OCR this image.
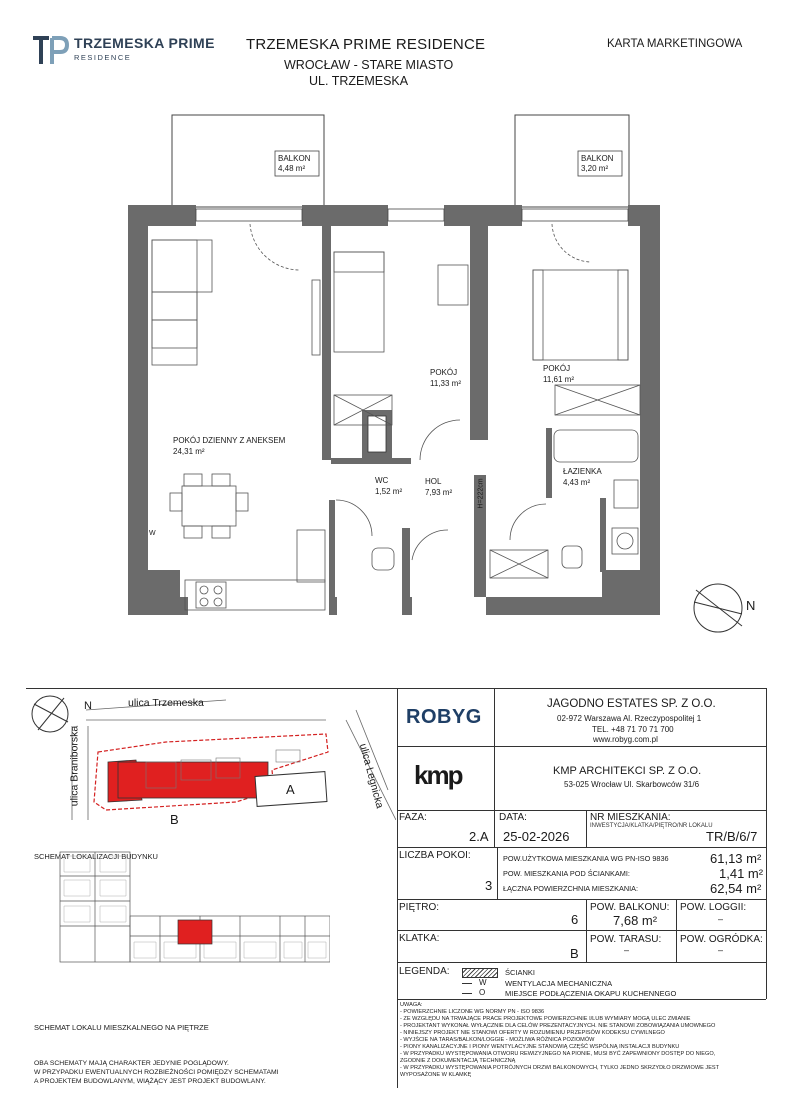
TRZEMESKA PRIME
RESIDENCE
TRZEMESKA PRIME RESIDENCE
WROCŁAW - STARE MIASTO
UL. TRZEMESKA
KARTA MARKETINGOWA
BALKON
4,48 m²
BALKON
3,20 m²
POKÓJ DZIENNY Z ANEKSEM
24,31 m²
POKÓJ
11,33 m²
POKÓJ
11,61 m²
WC
1,52 m²
HOL
7,93 m²
ŁAZIENKA
4,43 m²
H=222cm
W
N
ulica Trzemeska
ulica Braniborska	ulica Legnicka
A
B
N
SCHEMAT LOKALIZACJI BUDYNKU
SCHEMAT LOKALU MIESZKALNEGO NA PIĘTRZE
OBA SCHEMATY MAJĄ CHARAKTER JEDYNIE POGLĄDOWY.
W PRZYPADKU EWENTUALNYCH ROZBIEŻNOŚCI POMIĘDZY SCHEMATAMI
A PROJEKTEM BUDOWLANYM, WIĄŻĄCY JEST PROJEKT BUDOWLANY.
ROBYG
JAGODNO ESTATES SP. Z O.O.
02-972 Warszawa Al. Rzeczypospolitej 1
TEL. +48 71 70 71 700
www.robyg.com.pl
kmp	KMP ARCHITEKCI SP. Z O.O.
53-025 Wrocław Ul. Skarbowców 31/6
FAZA:
2.A
DATA:
25-02-2026
NR MIESZKANIA:
INWESTYCJA/KLATKA/PIĘTRO/NR LOKALU
TR/B/6/7
LICZBA POKOI:
3
POW.UŻYTKOWA MIESZKANIA WG PN-ISO 9836	61,13 m²
POW. MIESZKANIA POD ŚCIANKAMI:	1,41 m²
ŁĄCZNA POWIERZCHNIA MIESZKANIA:	62,54 m²
PIĘTRO:
6
POW. BALKONU:
7,68 m²
POW. LOGGII:
–
KLATKA:
B
POW. TARASU:
–
POW. OGRÓDKA:
–
LEGENDA:	ŚCIANKI
W WENTYLACJA MECHANICZNA
O	MIEJSCE PODŁĄCZENIA OKAPU KUCHENNEGO
UWAGA:
- POWIERZCHNIE LICZONE WG NORMY PN - ISO 9836
- ZE WZGLĘDU NA TRWAJĄCE PRACE PROJEKTOWE POWIERZCHNIE I/LUB WYMIARY MOGĄ ULEC ZMIANIE
- PROJEKTANT WYKONAŁ WYŁĄCZNIE DLA CELÓW PREZENTACYJNYCH. NIE STANOWI ZOBOWIĄZANIA UMOWNEGO
- NINIEJSZY PROJEKT NIE STANOWI OFERTY W ROZUMIENIU PRZEPISÓW KODEKSU CYWILNEGO
- WYJŚCIE NA TARAS/BALKON/LOGGIE - MOŻLIWA RÓŻNICA POZIOMÓW
- PIONY KANALIZACYJNE I PIONY WENTYLACYJNE STANOWIĄ CZĘŚĆ WSPÓLNĄ INSTALACJI BUDYNKU
- W PRZYPADKU WYSTĘPOWANIA OTWORU REWIZYJNEGO NA PIONIE, MUSI BYĆ ZAPEWNIONY DOSTĘP DO NIEGO,
ZGODNIE Z DOKUMENTACJĄ TECHNICZNĄ
- W PRZYPADKU WYSTĘPOWANIA POTRÓJNYCH DRZWI BALKONOWYCH, TYLKO JEDNO SKRZYDŁO DRZWIOWE JEST
WYPOSAŻONE W KLAMKĘ
